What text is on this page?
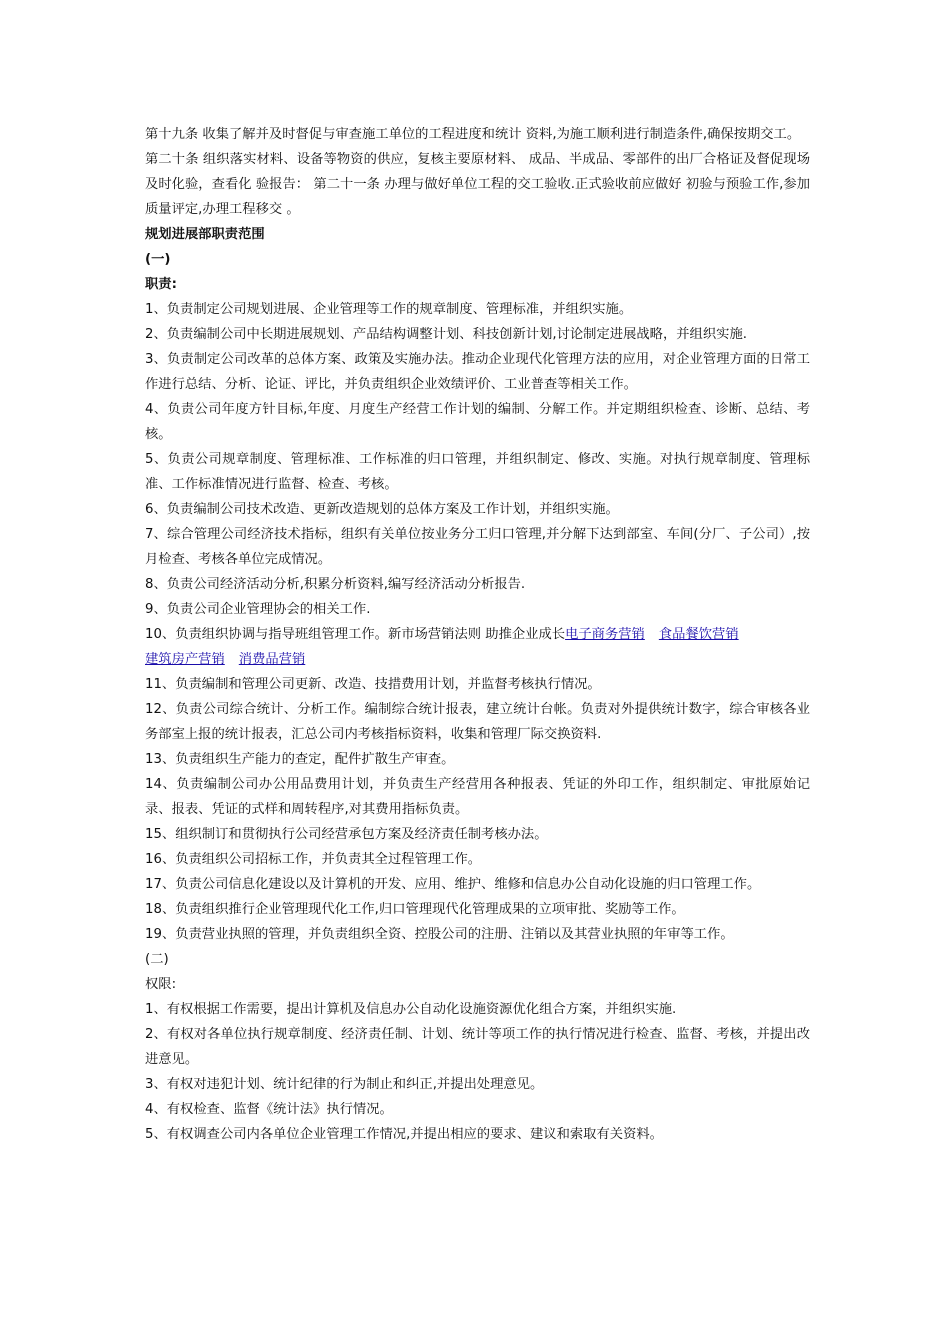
第十九条 收集了解并及时督促与审查施工单位的工程进度和统计 资料,为施工顺利进行制造条件,确保按期交工。

第二十条 组织落实材料、设备等物资的供应，复核主要原材料、 成品、半成品、零部件的出厂合格证及督促现场及时化验，查看化 验报告： 第二十一条 办理与做好单位工程的交工验收.正式验收前应做好 初验与预验工作,参加质量评定,办理工程移交 。

规划进展部职责范围

(一)

职责:

1、负责制定公司规划进展、企业管理等工作的规章制度、管理标准，并组织实施。

2、负责编制公司中长期进展规划、产品结构调整计划、科技创新计划,讨论制定进展战略，并组织实施.

3、负责制定公司改革的总体方案、政策及实施办法。推动企业现代化管理方法的应用，对企业管理方面的日常工作进行总结、分析、论证、评比，并负责组织企业效绩评价、工业普查等相关工作。

4、负责公司年度方针目标,年度、月度生产经营工作计划的编制、分解工作。并定期组织检查、诊断、总结、考核。

5、负责公司规章制度、管理标准、工作标准的归口管理，并组织制定、修改、实施。对执行规章制度、管理标准、工作标准情况进行监督、检查、考核。

6、负责编制公司技术改造、更新改造规划的总体方案及工作计划，并组织实施。

7、综合管理公司经济技术指标，组织有关单位按业务分工归口管理,并分解下达到部室、车间(分厂、子公司）,按月检查、考核各单位完成情况。

8、负责公司经济活动分析,积累分析资料,编写经济活动分析报告.

9、负责公司企业管理协会的相关工作.

10、负责组织协调与指导班组管理工作。新市场营销法则 助推企业成长电子商务营销 食品餐饮营销
建筑房产营销 消费品营销

11、负责编制和管理公司更新、改造、技措费用计划，并监督考核执行情况。

12、负责公司综合统计、分析工作。编制综合统计报表，建立统计台帐。负责对外提供统计数字，综合审核各业务部室上报的统计报表，汇总公司内考核指标资料，收集和管理厂际交换资料.

13、负责组织生产能力的查定，配件扩散生产审查。

14、负责编制公司办公用品费用计划，并负责生产经营用各种报表、凭证的外印工作，组织制定、审批原始记录、报表、凭证的式样和周转程序,对其费用指标负责。

15、组织制订和贯彻执行公司经营承包方案及经济责任制考核办法。

16、负责组织公司招标工作，并负责其全过程管理工作。

17、负责公司信息化建设以及计算机的开发、应用、维护、维修和信息办公自动化设施的归口管理工作。

18、负责组织推行企业管理现代化工作,归口管理现代化管理成果的立项审批、奖励等工作。

19、负责营业执照的管理，并负责组织全资、控股公司的注册、注销以及其营业执照的年审等工作。

(二)

权限:

1、有权根据工作需要，提出计算机及信息办公自动化设施资源优化组合方案，并组织实施.

2、有权对各单位执行规章制度、经济责任制、计划、统计等项工作的执行情况进行检查、监督、考核，并提出改进意见。

3、有权对违犯计划、统计纪律的行为制止和纠正,并提出处理意见。

4、有权检查、监督《统计法》执行情况。

5、有权调查公司内各单位企业管理工作情况,并提出相应的要求、建议和索取有关资料。
